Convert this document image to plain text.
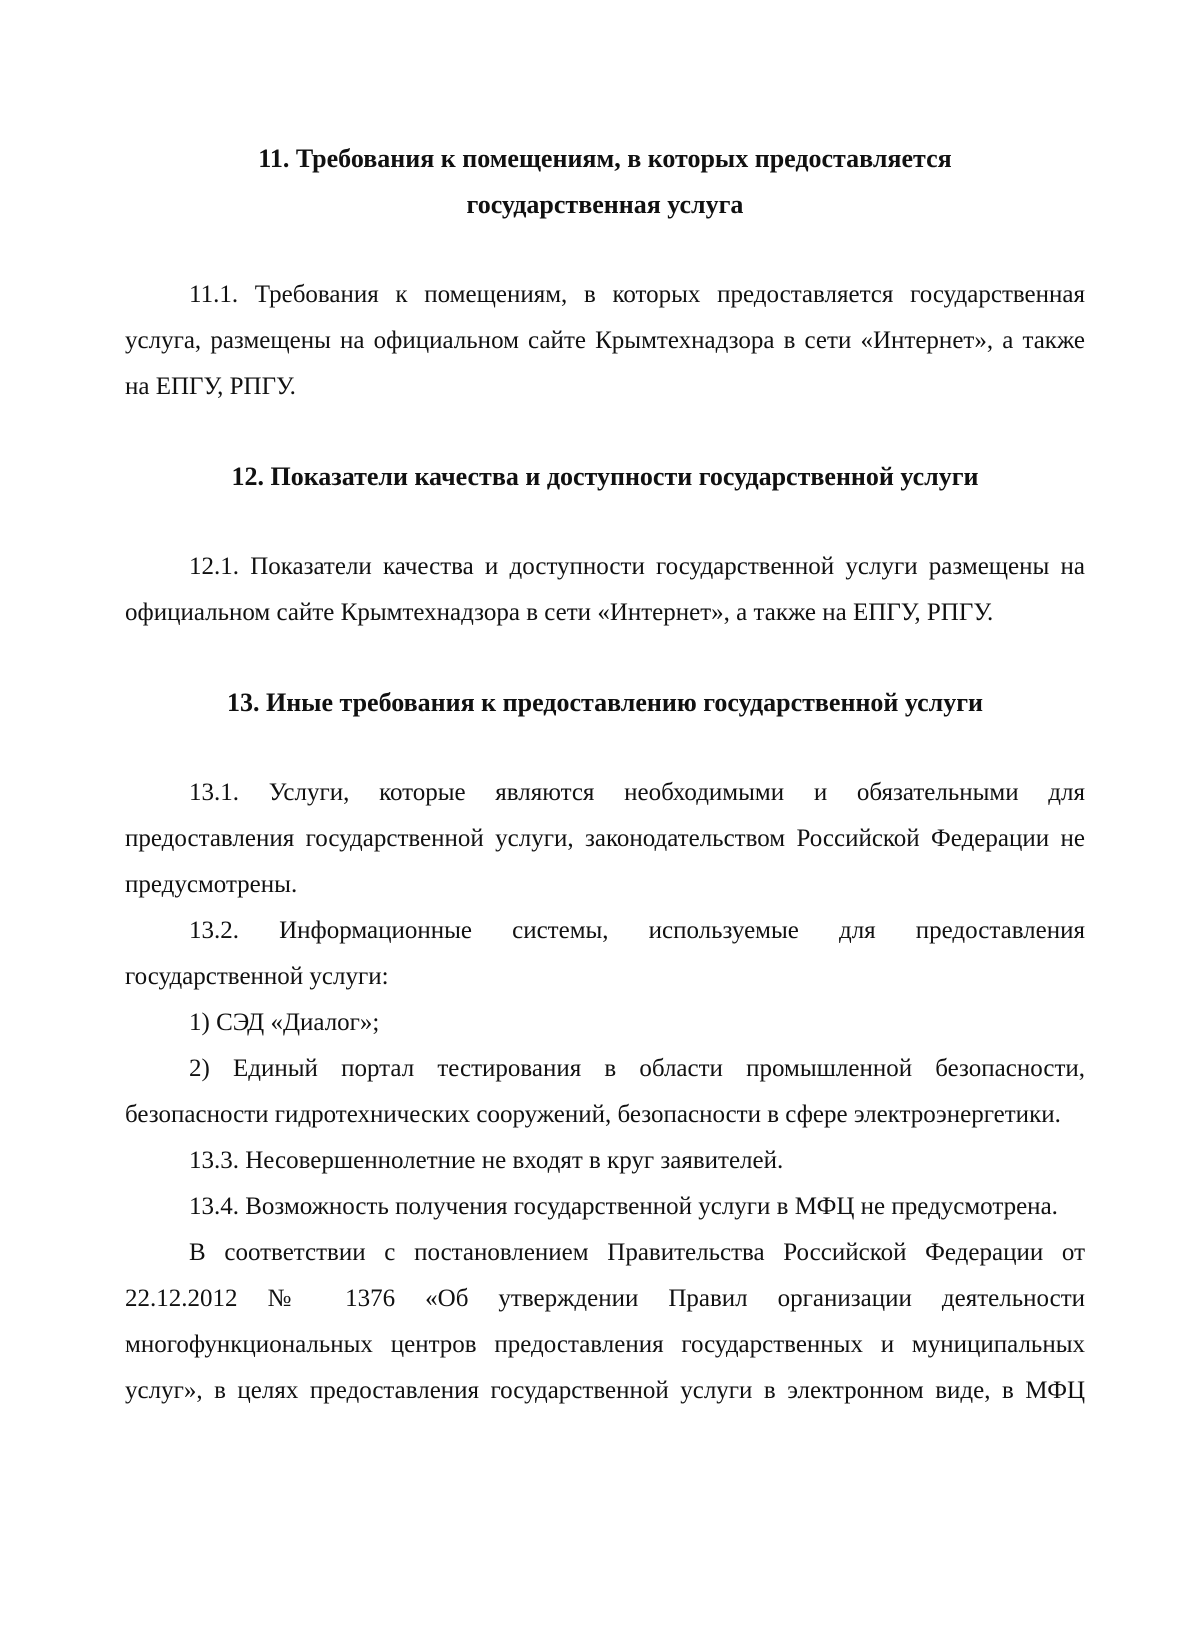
11. Требования к помещениям, в которых предоставляется государственная услуга

11.1. Требования к помещениям, в которых предоставляется государственная услуга, размещены на официальном сайте Крымтехнадзора в сети «Интернет», а также на ЕПГУ, РПГУ.

12. Показатели качества и доступности государственной услуги

12.1. Показатели качества и доступности государственной услуги размещены на официальном сайте Крымтехнадзора в сети «Интернет», а также на ЕПГУ, РПГУ.

13. Иные требования к предоставлению государственной услуги

13.1. Услуги, которые являются необходимыми и обязательными для предоставления государственной услуги, законодательством Российской Федерации не предусмотрены.

13.2. Информационные системы, используемые для предоставления государственной услуги:

1) СЭД «Диалог»;

2) Единый портал тестирования в области промышленной безопасности, безопасности гидротехнических сооружений, безопасности в сфере электроэнергетики.

13.3. Несовершеннолетние не входят в круг заявителей.

13.4. Возможность получения государственной услуги в МФЦ не предусмотрена.

В соответствии с постановлением Правительства Российской Федерации от 22.12.2012 № 1376 «Об утверждении Правил организации деятельности многофункциональных центров предоставления государственных и муниципальных услуг», в целях предоставления государственной услуги в электронном виде, в МФЦ
